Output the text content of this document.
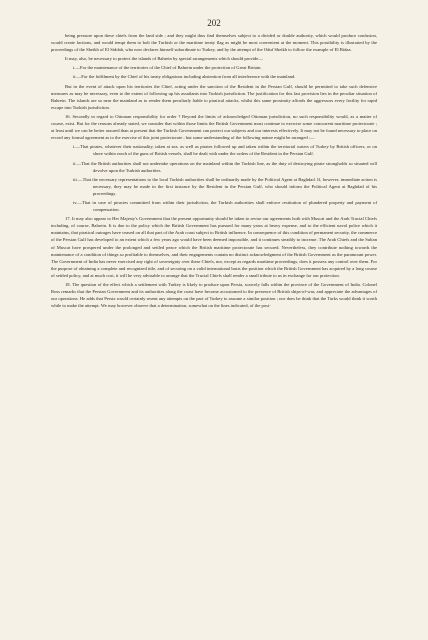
202

being pressure upon these chiefs from the land side ; and they might thus find themselves subject to a divided or double authority, which would produce confusion, would create factions, and would tempt them to bolt the Turkish or the maritime treaty flag as might be most convenient at the moment. This possibility is illustrated by the proceedings of the Sheikh of El Siddah, who now declares himself subordinate to Turkey, and by the attempt of the Oduf Sheikh to follow the example of El Bidaa.

It may, also, be necessary to protect the islands of Bahrein by special arrangements which should provide—

i.—For the maintenance of the territories of the Chief of Bahrein under the protection of Great Britain.
ii.—For the fulfilment by the Chief of his treaty obligations including abstention from all interference with the mainland.

But in the event of attack upon his territories the Chief, acting under the sanction of the Resident in the Persian Gulf, should be permitted to take such defensive measures as may be necessary, even to the extent of following up his assailants into Turkish jurisdiction. The justification for this last provision lies in the peculiar situation of Bahrein. The islands are so near the mainland as to render them peculiarly liable to piratical attacks, whilst this same proximity affords the aggressors every facility for rapid escape into Turkish jurisdiction.

16. Secondly in regard to Ottoman responsibility for order ? Beyond the limits of acknowledged Ottoman jurisdiction, no such responsibility would, as a matter of course, exist. But for the reasons already stated, we consider that within those limits the British Government must continue to exercise some concurrent maritime protectorate ; at least until we can be better assured than at present that the Turkish Government can protect our subjects and our interests effectively. It may not be found necessary to place on record any formal agreement as to the exercise of this joint protectorate ; but some understanding of the following nature might be arranged :—

i.—That pirates, whatever their nationality, taken at sea, as well as pirates followed up and taken within the territorial waters of Turkey by British officers, or on shore within reach of the guns of British vessels, shall be dealt with under the orders of the Resident in the Persian Gulf.
ii.—That the British authorities shall not undertake operations on the mainland within the Turkish line, as the duty of destroying pirate strongholds so situated will devolve upon the Turkish authorities.
iii.—That the necessary representations to the local Turkish authorities shall be ordinarily made by the Political Agent at Baghdad. If, however, immediate action is necessary, they may be made in the first instance by the Resident in the Persian Gulf, who should inform the Political Agent at Baghdad of his proceedings.
iv.—That in case of piracies committed from within their jurisdiction, the Turkish authorities shall enforce restitution of plundered property and payment of compensation.

17. It may also appear to Her Majesty's Government that the present opportunity should be taken to revise our agreements both with Muscat and the Arab Trucial Chiefs including, of course, Bahrein. It is due to the policy which the British Government has pursued for many years at heavy expense, and to the efficient naval police which it maintains, that piratical outrages have ceased on all that part of the Arab coast subject to British influence. In consequence of this condition of permanent security, the commerce of the Persian Gulf has developed to an extent which a few years ago would have been deemed impossible, and it continues steadily to increase. The Arab Chiefs and the Sultan of Muscat have prospered under the prolonged and settled peace which the British maritime protectorate has secured. Nevertheless, they contribute nothing towards the maintenance of a condition of things so profitable to themselves, and their engagements contain no distinct acknowledgment of the British Government as the paramount power. The Government of India has never exercised any right of sovereignty over these Chiefs, nor, except as regards maritime proceedings, does it possess any control over them. For the purpose of obtaining a complete and recognized title, and of securing on a valid international basis the position which the British Government has acquired by a long course of settled policy, and at much cost, it will be very advisable to arrange that the Trucial Chiefs shall render a small tribute to us in exchange for our protection.

18. The question of the effect which a settlement with Turkey is likely to produce upon Persia, scarcely falls within the province of the Government of India. Colonel Ross remarks that the Persian Government and its authorities along the coast have become accustomed to the presence of British ships-of-war, and appreciate the advantages of our operations. He adds that Persia would certainly resent any attempts on the part of Turkey to assume a similar position ; nor does he think that the Turks would think it worth while to make the attempt. We may however observe that a determination, somewhat on the lines indicated, of the posi-
